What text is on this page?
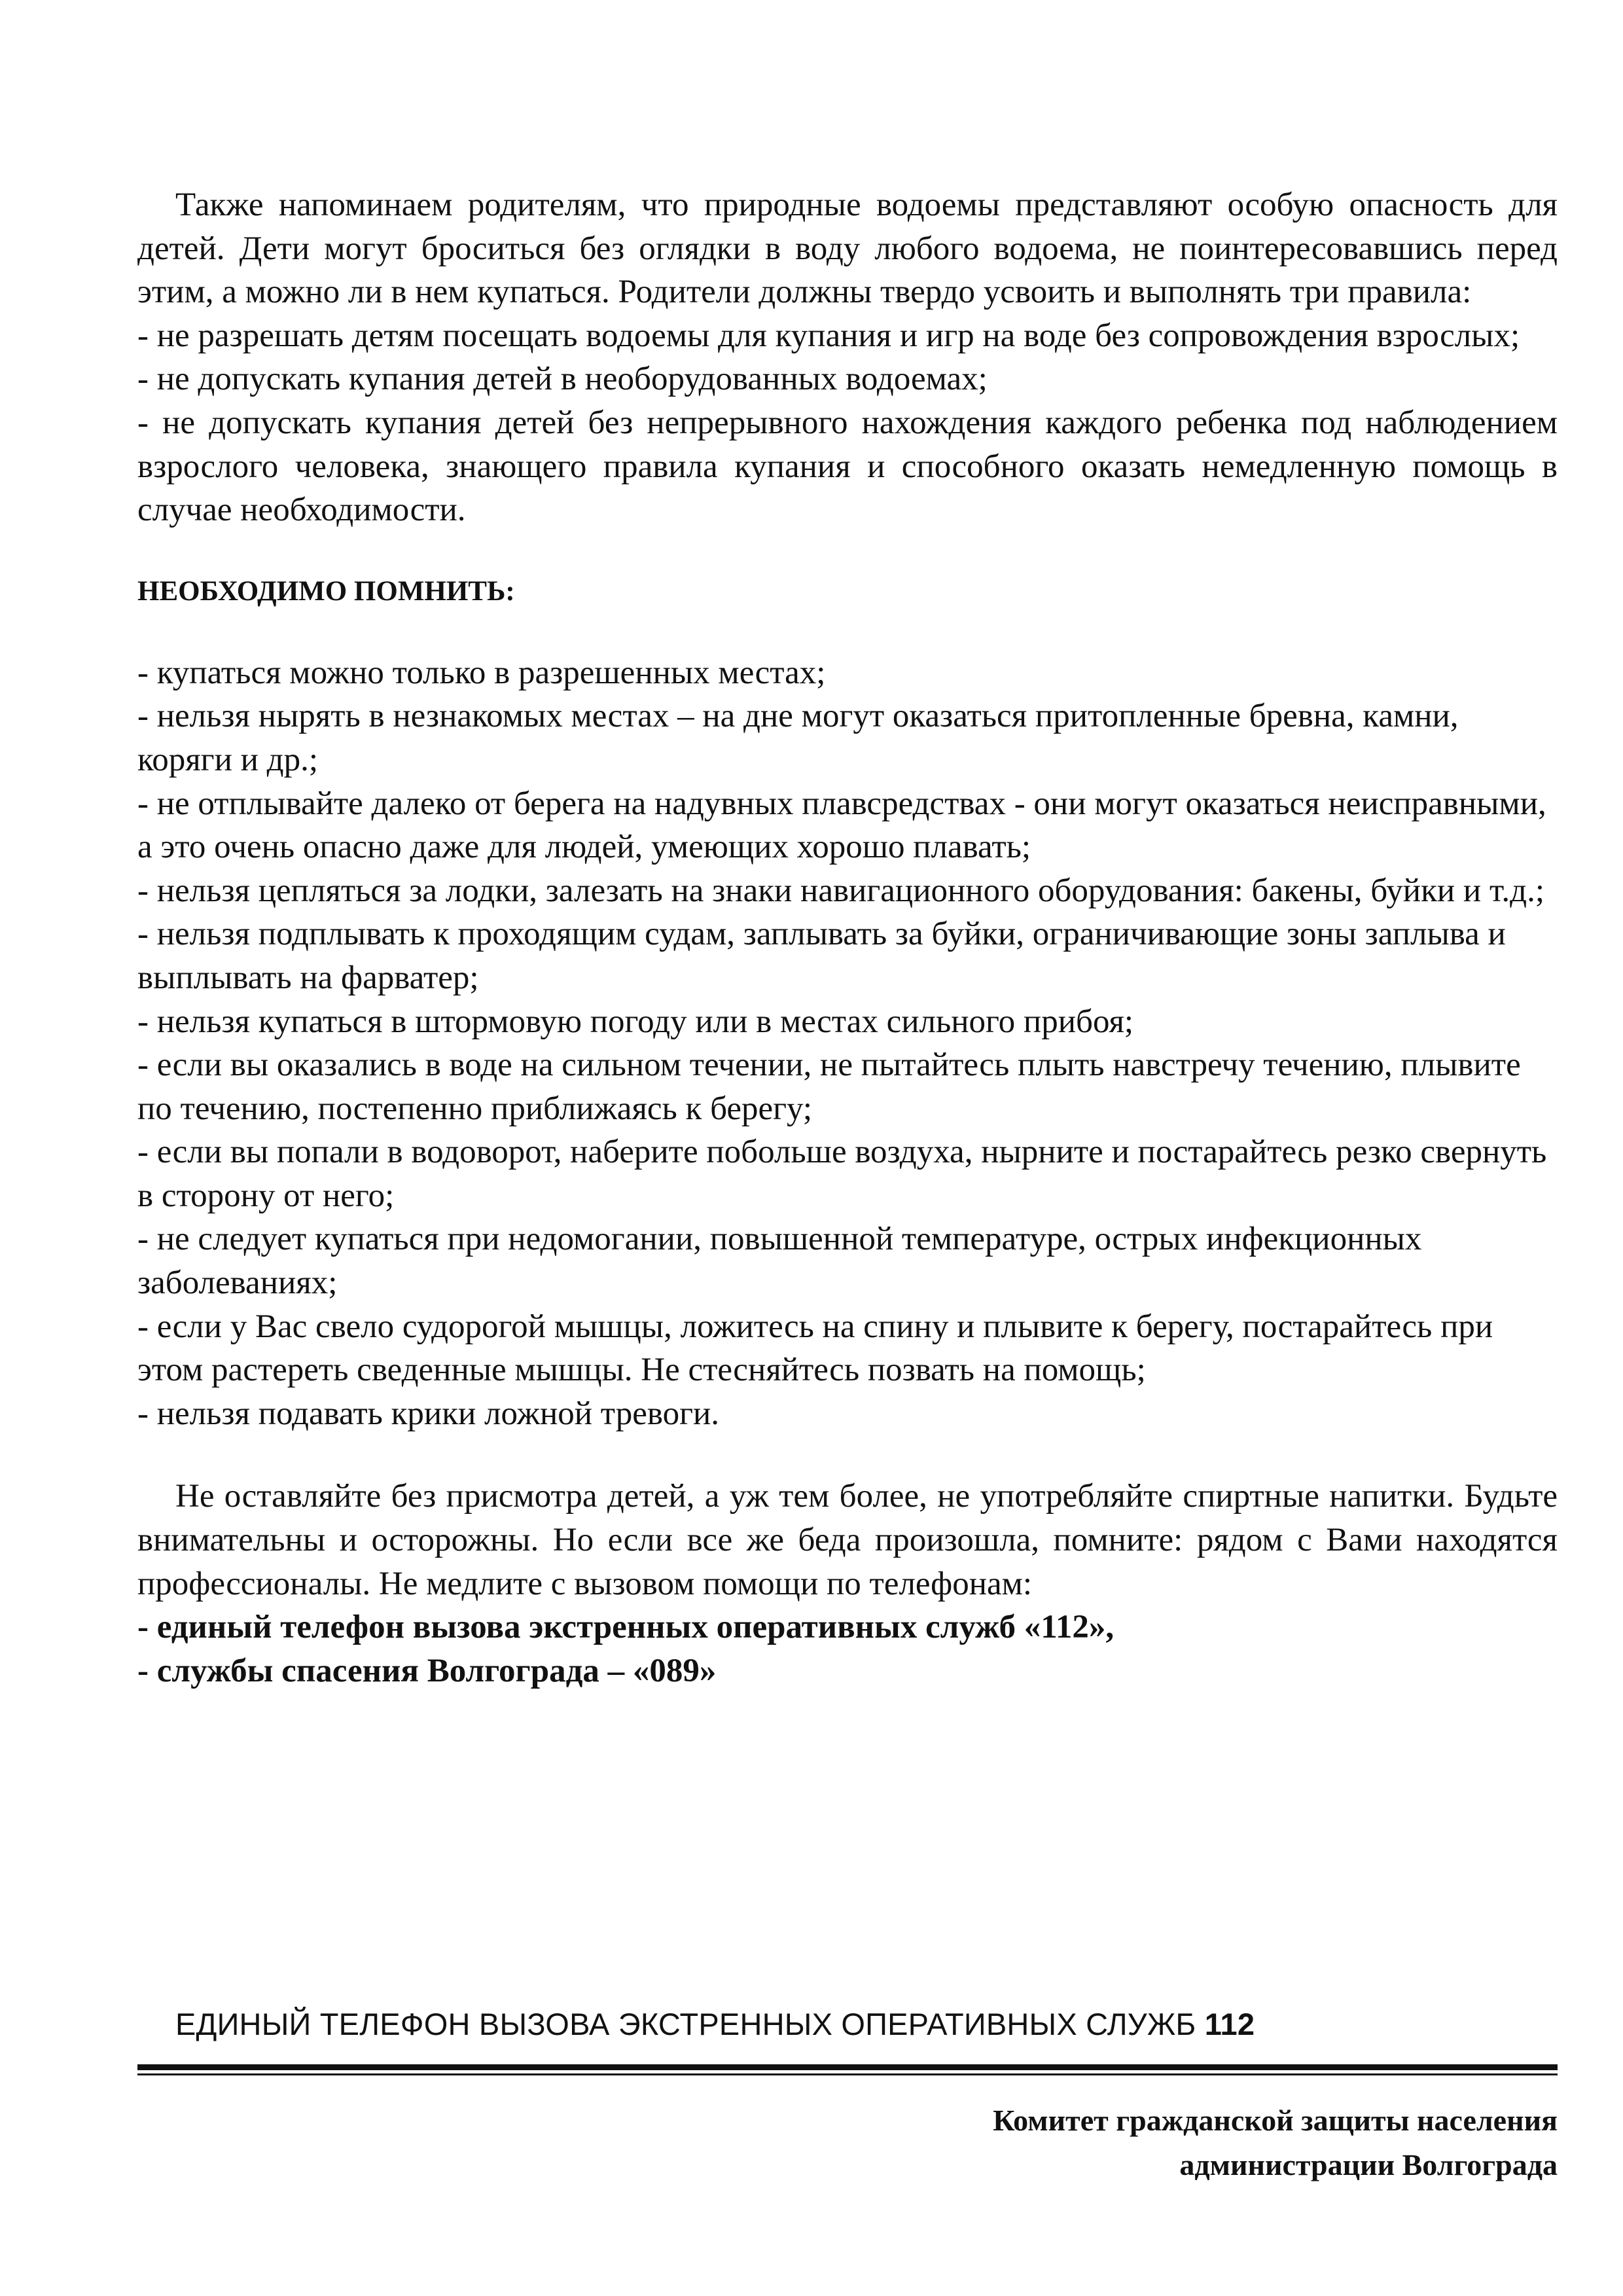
Также напоминаем родителям, что природные водоемы представляют особую опасность для детей. Дети могут броситься без оглядки в воду любого водоема, не поинтересовавшись перед этим, а можно ли в нем купаться. Родители должны твердо усвоить и выполнять три правила:

- не разрешать детям посещать водоемы для купания и игр на воде без сопровождения взрослых;

- не допускать купания детей в необорудованных водоемах;

- не допускать купания детей без непрерывного нахождения каждого ребенка под наблюдением взрослого человека, знающего правила купания и способного оказать немедленную помощь в случае необходимости.

НЕОБХОДИМО ПОМНИТЬ:

- купаться можно только в разрешенных местах;

- нельзя нырять в незнакомых местах – на дне могут оказаться притопленные бревна, камни, коряги и др.;

- не отплывайте далеко от берега на надувных плавсредствах - они могут оказаться неисправными, а это очень опасно даже для людей, умеющих хорошо плавать;

- нельзя цепляться за лодки, залезать на знаки навигационного оборудования: бакены, буйки и т.д.;

- нельзя подплывать к проходящим судам, заплывать за буйки, ограничивающие зоны заплыва и выплывать на фарватер;

- нельзя купаться в штормовую погоду или в местах сильного прибоя;

- если вы оказались в воде на сильном течении, не пытайтесь плыть навстречу течению, плывите по течению, постепенно приближаясь к берегу;

- если вы попали в водоворот, наберите побольше воздуха, нырните и постарайтесь резко свернуть в сторону от него;

- не следует купаться при недомогании, повышенной температуре, острых инфекционных заболеваниях;

- если у Вас свело судорогой мышцы, ложитесь на спину и плывите к берегу, постарайтесь при этом растереть сведенные мышцы. Не стесняйтесь позвать на помощь;

- нельзя подавать крики ложной тревоги.

Не оставляйте без присмотра детей, а уж тем более, не употребляйте спиртные напитки. Будьте внимательны и осторожны. Но если все же беда произошла, помните: рядом с Вами находятся профессионалы. Не медлите с вызовом помощи по телефонам:

- единый телефон вызова экстренных оперативных служб «112»,

- службы спасения Волгограда – «089»

ЕДИНЫЙ ТЕЛЕФОН ВЫЗОВА ЭКСТРЕННЫХ ОПЕРАТИВНЫХ СЛУЖБ 112

Комитет гражданской защиты населения
администрации Волгограда
